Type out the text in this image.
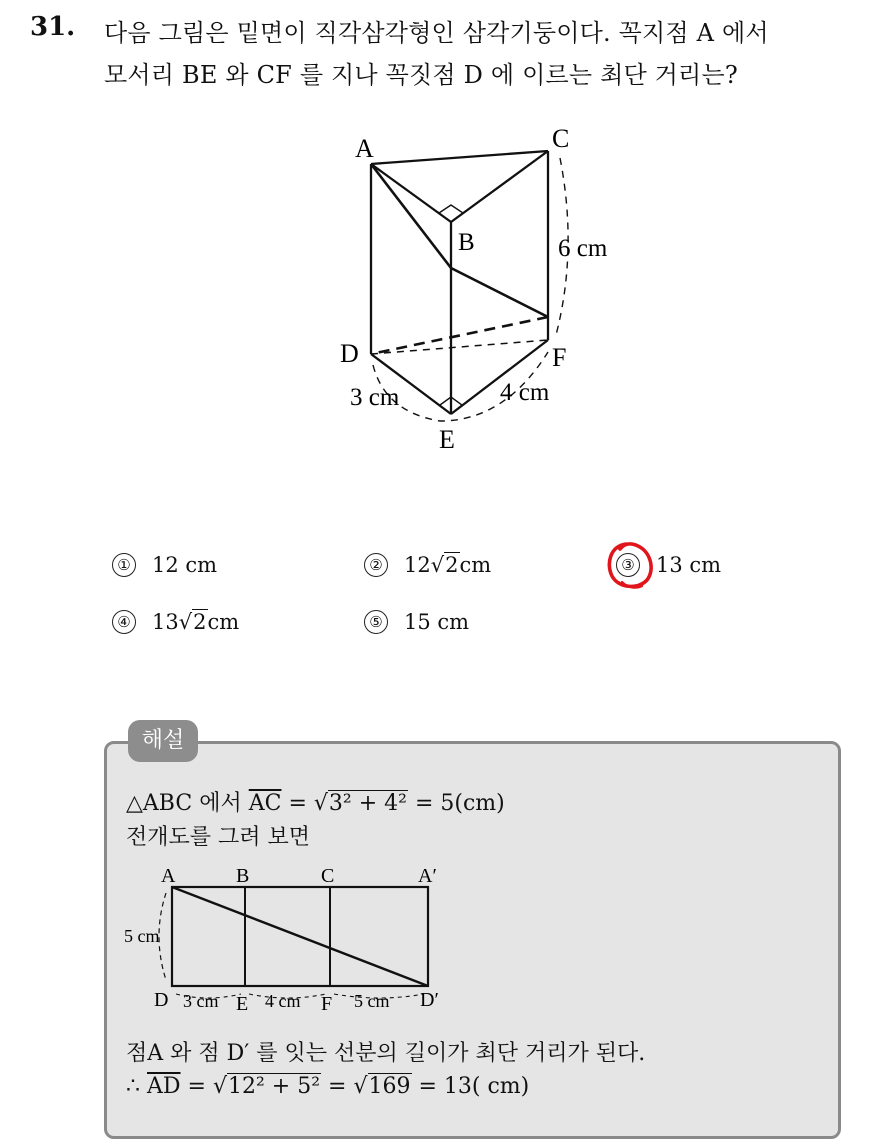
31. 다음 그림은 밑면이 직각삼각형인 삼각기둥이다. 꼭지점 A 에서
모서리 BE 와 CF 를 지나 꼭짓점 D 에 이르는 최단 거리는?
A	C
B
D	F
E
6 cm
3 cm	4 cm
① 12 cm	② 12 √2 cm	③ 13 cm
④ 13 √2 cm	⑤ 15 cm
해설
△ABC 에서 $\overline{AC} = √3^2 + 4^2 = 5(cm)$
전개도를 그려 보면
A	B	C	A′
D	E	F	D′
5 cm
3 cm	4 cm	5 cm
점A 와 점 D′ 를 잇는 선분의 길이가 최단 거리가 된다.
∴ $\overline{AD} = √12^2 + 5^2 = √169 = 13$( cm)
